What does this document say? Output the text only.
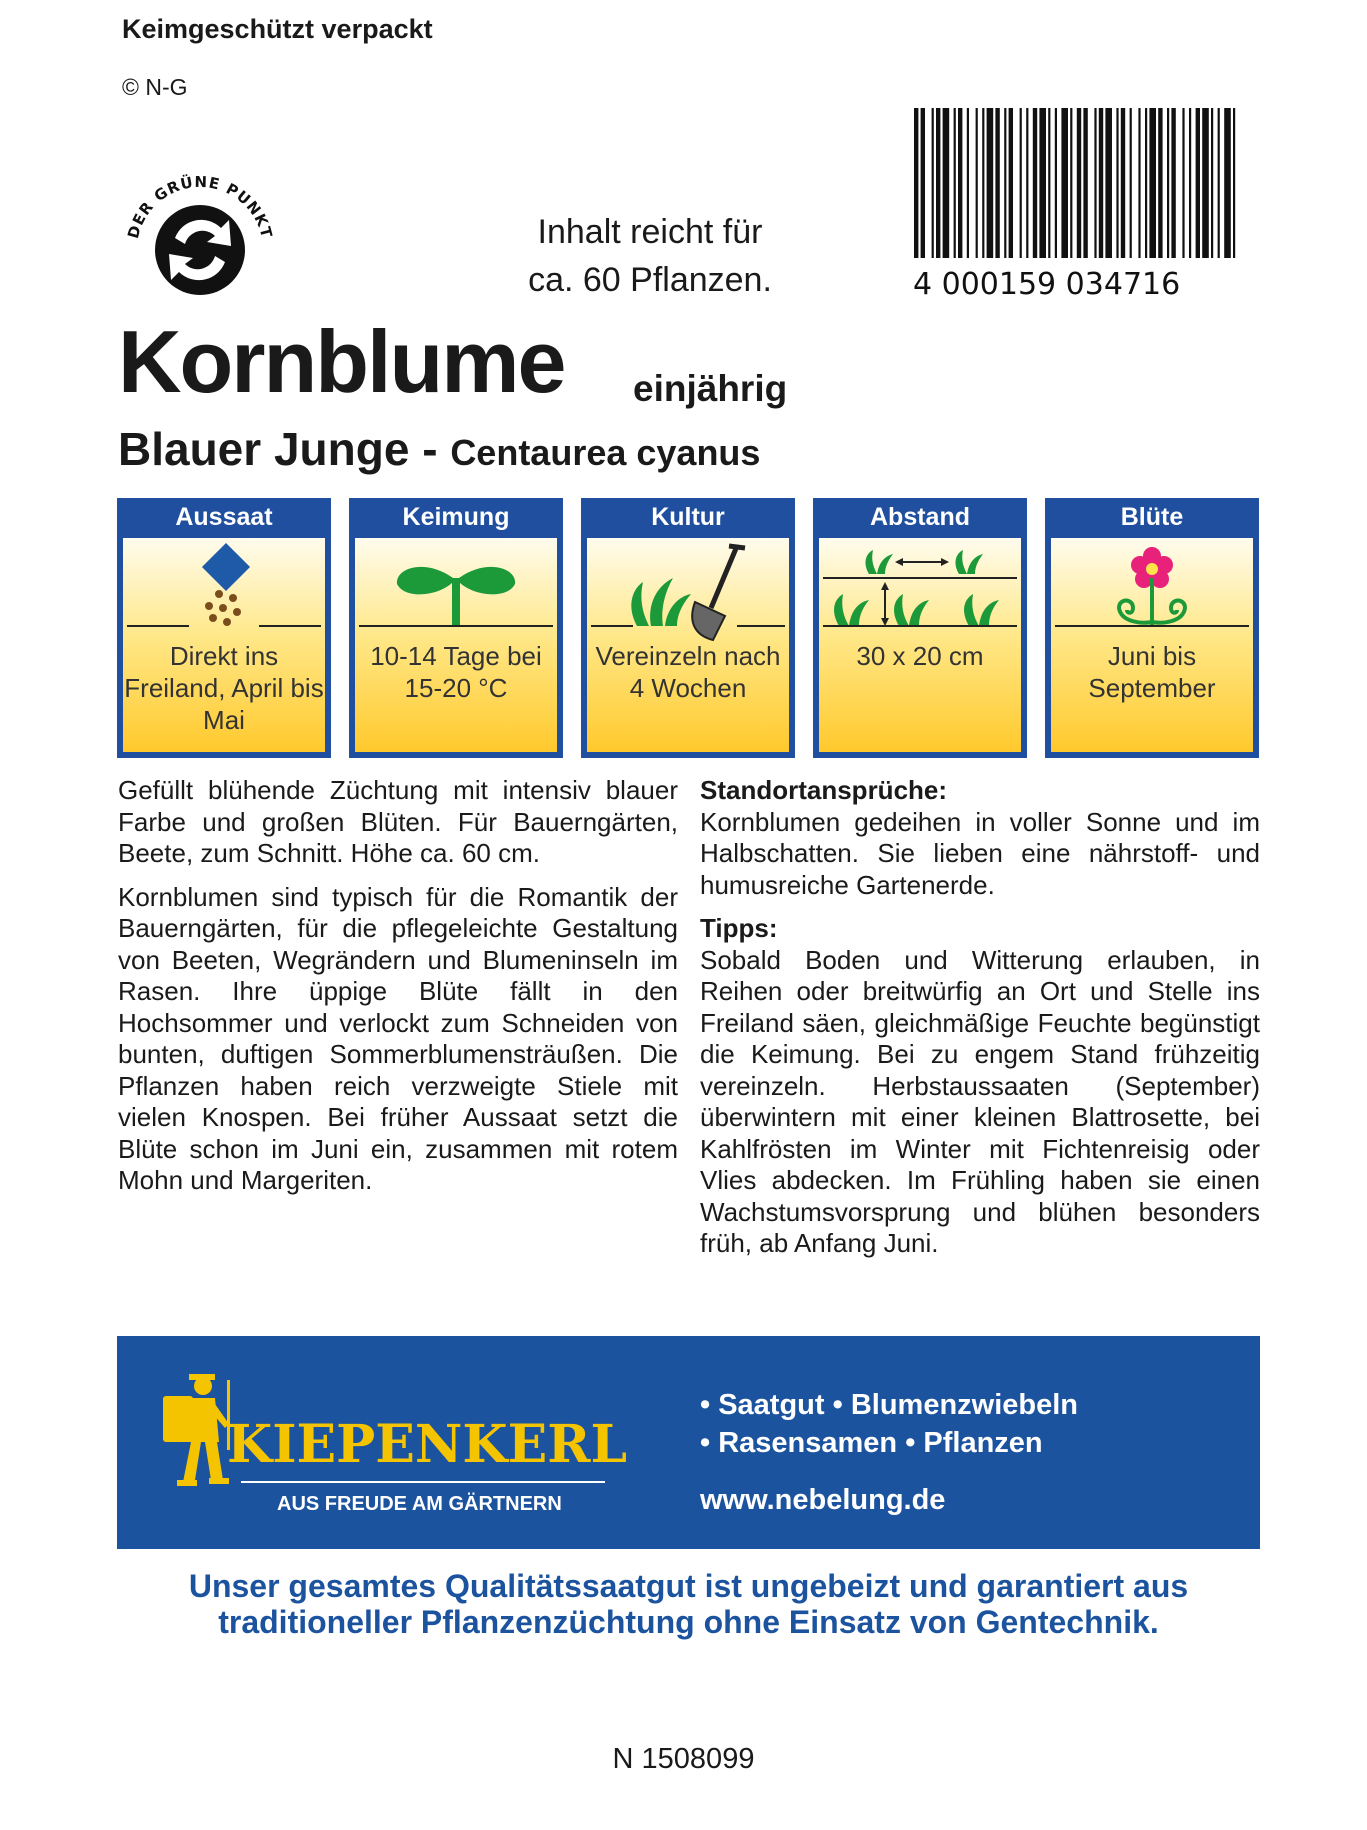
Keimgeschützt verpackt
© N-G
DER GRÜNE PUNKT	Inhalt reicht für
ca. 60 Pflanzen.	4 000159 034716
Kornblume einjährig
Blauer Junge - Centaurea cyanus
Aussaat
Direkt ins Freiland, April bis Mai
Keimung
10-14 Tage bei 15-20 °C
Kultur
Vereinzeln nach 4 Wochen
Abstand
30 x 20 cm
Blüte
Juni bis September

Gefüllt blühende Züchtung mit intensiv blauer Farbe und großen Blüten. Für Bauerngärten, Beete, zum Schnitt. Höhe ca. 60 cm.

Kornblumen sind typisch für die Romantik der Bauerngärten, für die pflegeleichte Gestaltung von Beeten, Wegrändern und Blumeninseln im Rasen. Ihre üppige Blüte fällt in den Hochsommer und verlockt zum Schneiden von bunten, duftigen Sommerblumensträußen. Die Pflanzen haben reich verzweigte Stiele mit vielen Knospen. Bei früher Aussaat setzt die Blüte schon im Juni ein, zusammen mit rotem Mohn und Margeriten.

Standortansprüche:
Kornblumen gedeihen in voller Sonne und im Halbschatten. Sie lieben eine nährstoff- und humusreiche Gartenerde.

Tipps:
Sobald Boden und Witterung erlauben, in Reihen oder breitwürfig an Ort und Stelle ins Freiland säen, gleichmäßige Feuchte begünstigt die Keimung. Bei zu engem Stand frühzeitig vereinzeln. Herbstaussaaten (September) überwintern mit einer kleinen Blattrosette, bei Kahlfrösten im Winter mit Fichtenreisig oder Vlies abdecken. Im Frühling haben sie einen Wachstumsvorsprung und blühen besonders früh, ab Anfang Juni.

KIEPENKERL
AUS FREUDE AM GÄRTNERN
• Saatgut • Blumenzwiebeln
• Rasensamen • Pflanzen
www.nebelung.de
Unser gesamtes Qualitätssaatgut ist ungebeizt und garantiert aus
traditioneller Pflanzenzüchtung ohne Einsatz von Gentechnik.
N 1508099
